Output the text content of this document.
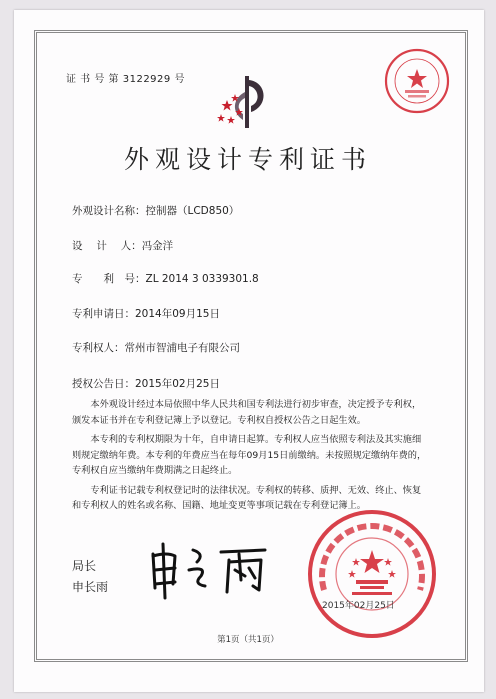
证 书 号 第 3122929 号
外观设计专利证书
外观设计名称：控制器（LCD850）
设　 计 　人：冯金洋
专　　利　号：ZL 2014 3 0339301.8
专利申请日：2014年09月15日
专利权人：常州市智浦电子有限公司
授权公告日：2015年02月25日

本外观设计经过本局依照中华人民共和国专利法进行初步审查，决定授予专利权，颁发本证书并在专利登记簿上予以登记。专利权自授权公告之日起生效。

本专利的专利权期限为十年，自申请日起算。专利权人应当依照专利法及其实施细则规定缴纳年费。本专利的年费应当在每年09月15日前缴纳。未按照规定缴纳年费的，专利权自应当缴纳年费期满之日起终止。

专利证书记载专利权登记时的法律状况。专利权的转移、质押、无效、终止、恢复和专利权人的姓名或名称、国籍、地址变更等事项记载在专利登记簿上。

局长
申长雨
2015年02月25日
第1页（共1页）
